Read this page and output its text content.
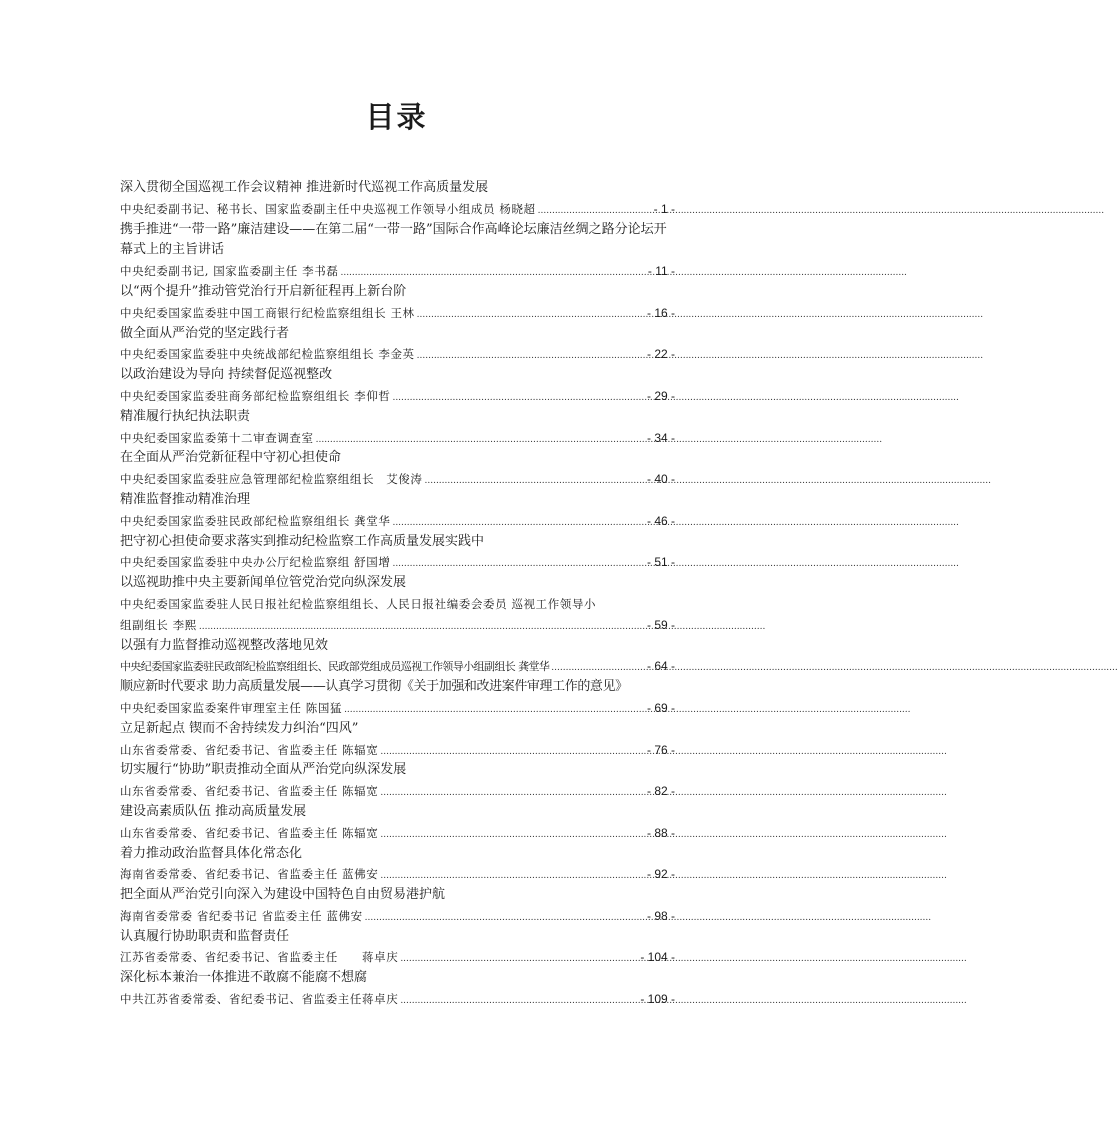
目录
深入贯彻全国巡视工作会议精神 推进新时代巡视工作高质量发展
中央纪委副书记、秘书长、国家监委副主任中央巡视工作领导小组成员 杨晓超 .....	- 1 -
携手推进“一带一路”廉洁建设——在第二届“一带一路”国际合作高峰论坛廉洁丝绸之路分论坛开幕式上的主旨讲话
中央纪委副书记, 国家监委副主任 李书磊 .....	- 11 -
以“两个提升”推动管党治行开启新征程再上新台阶
中央纪委国家监委驻中国工商银行纪检监察组组长 王林 .....	- 16 -
做全面从严治党的坚定践行者
中央纪委国家监委驻中央统战部纪检监察组组长 李金英 .....	- 22 -
以政治建设为导向 持续督促巡视整改
中央纪委国家监委驻商务部纪检监察组组长 李仰哲 .....	- 29 -
精准履行执纪执法职责
中央纪委国家监委第十二审查调查室 .....	- 34 -
在全面从严治党新征程中守初心担使命
中央纪委国家监委驻应急管理部纪检监察组组长　艾俊涛 .....	- 40 -
精准监督推动精准治理
中央纪委国家监委驻民政部纪检监察组组长 龚堂华 .....	- 46 -
把守初心担使命要求落实到推动纪检监察工作高质量发展实践中
中央纪委国家监委驻中央办公厅纪检监察组 舒国增 .....	- 51 -
以巡视助推中央主要新闻单位管党治党向纵深发展
中央纪委国家监委驻人民日报社纪检监察组组长、人民日报社编委会委员 巡视工作领导小
组副组长 李熙 .....	- 59 -
以强有力监督推动巡视整改落地见效
中央纪委国家监委驻民政部纪检监察组组长、民政部党组成员巡视工作领导小组副组长 龚堂华 .....	- 64 -
顺应新时代要求 助力高质量发展——认真学习贯彻《关于加强和改进案件审理工作的意见》
中央纪委国家监委案件审理室主任 陈国猛 .....	- 69 -
立足新起点 锲而不舍持续发力纠治“四风”
山东省委常委、省纪委书记、省监委主任 陈辐宽 .....	- 76 -
切实履行“协助”职责推动全面从严治党向纵深发展
山东省委常委、省纪委书记、省监委主任 陈辐宽 .....	- 82 -
建设高素质队伍 推动高质量发展
山东省委常委、省纪委书记、省监委主任 陈辐宽 .....	- 88 -
着力推动政治监督具体化常态化
海南省委常委、省纪委书记、省监委主任 蓝佛安 .....	- 92 -
把全面从严治党引向深入为建设中国特色自由贸易港护航
海南省委常委 省纪委书记 省监委主任 蓝佛安 .....	- 98 -
认真履行协助职责和监督责任
江苏省委常委、省纪委书记、省监委主任　　蒋卓庆 .....	- 104 -
深化标本兼治一体推进不敢腐不能腐不想腐
中共江苏省委常委、省纪委书记、省监委主任蒋卓庆 .....	- 109 -
